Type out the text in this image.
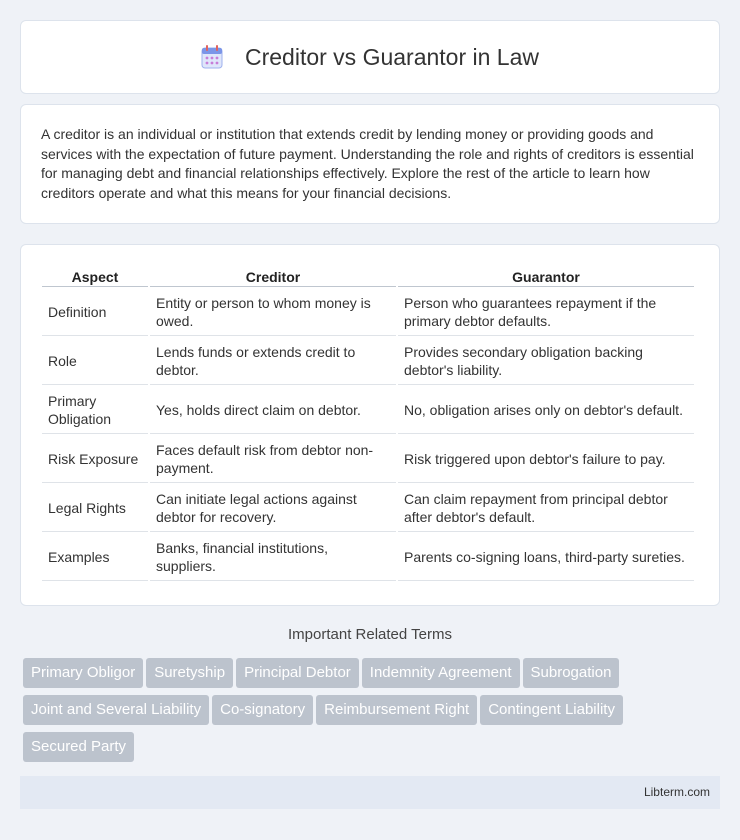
Creditor vs Guarantor in Law

A creditor is an individual or institution that extends credit by lending money or providing goods and services with the expectation of future payment. Understanding the role and rights of creditors is essential for managing debt and financial relationships effectively. Explore the rest of the article to learn how creditors operate and what this means for your financial decisions.

Aspect	Creditor	Guarantor
Definition	Entity or person to whom money is owed.	Person who guarantees repayment if the primary debtor defaults.
Role	Lends funds or extends credit to debtor.	Provides secondary obligation backing debtor's liability.
Primary Obligation	Yes, holds direct claim on debtor.	No, obligation arises only on debtor's default.
Risk Exposure	Faces default risk from debtor non-payment.	Risk triggered upon debtor's failure to pay.
Legal Rights	Can initiate legal actions against debtor for recovery.	Can claim repayment from principal debtor after debtor's default.
Examples	Banks, financial institutions, suppliers.	Parents co-signing loans, third-party sureties.
Important Related Terms
Primary Obligor Suretyship Principal Debtor Indemnity Agreement SubrogationJoint and Several Liability Co-signatory Reimbursement Right Contingent LiabilitySecured Party
Libterm.com
